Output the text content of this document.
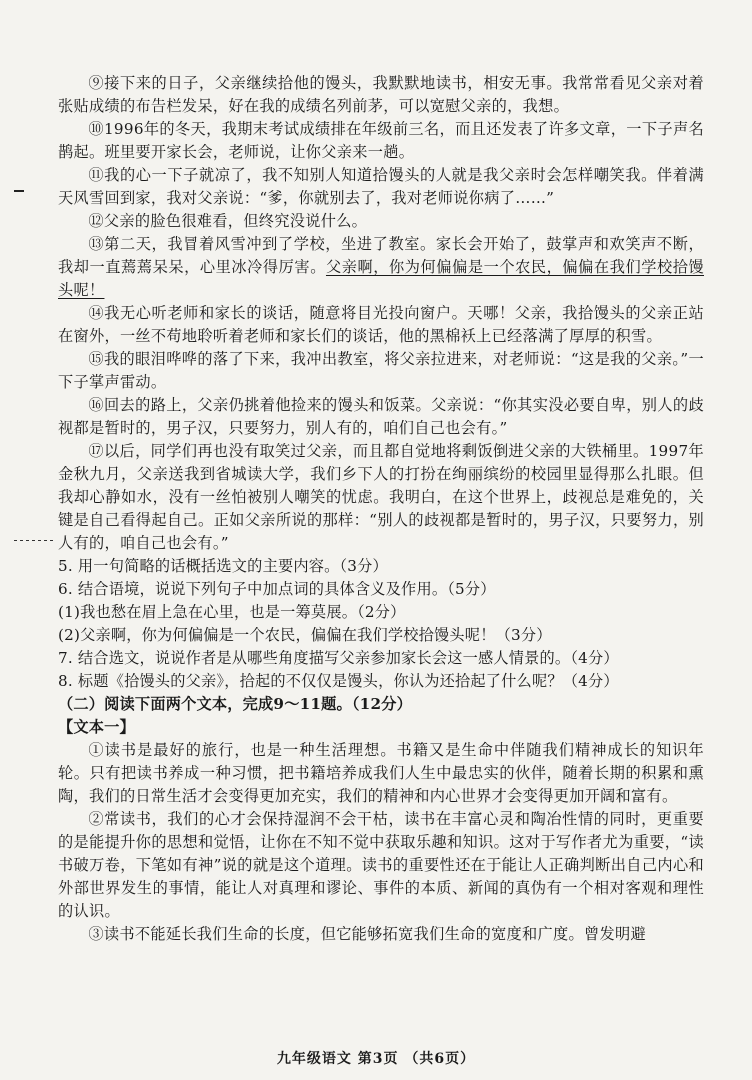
⑨接下来的日子，父亲继续拾他的馒头，我默默地读书，相安无事。我常常看见父亲对着张贴成绩的布告栏发呆，好在我的成绩名列前茅，可以宽慰父亲的，我想。

⑩1996年的冬天，我期末考试成绩排在年级前三名，而且还发表了许多文章，一下子声名鹊起。班里要开家长会，老师说，让你父亲来一趟。

⑪我的心一下子就凉了，我不知别人知道拾馒头的人就是我父亲时会怎样嘲笑我。伴着满天风雪回到家，我对父亲说：“爹，你就别去了，我对老师说你病了……”

⑫父亲的脸色很难看，但终究没说什么。

⑬第二天，我冒着风雪冲到了学校，坐进了教室。家长会开始了，鼓掌声和欢笑声不断，我却一直蔫蔫呆呆，心里冰冷得厉害。父亲啊，你为何偏偏是一个农民，偏偏在我们学校拾馒头呢！

⑭我无心听老师和家长的谈话，随意将目光投向窗户。天哪！父亲，我拾馒头的父亲正站在窗外，一丝不苟地聆听着老师和家长们的谈话，他的黑棉袄上已经落满了厚厚的积雪。

⑮我的眼泪哗哗的落了下来，我冲出教室，将父亲拉进来，对老师说：“这是我的父亲。”一下子掌声雷动。

⑯回去的路上，父亲仍挑着他捡来的馒头和饭菜。父亲说：“你其实没必要自卑，别人的歧视都是暂时的，男子汉，只要努力，别人有的，咱们自己也会有。”

⑰以后，同学们再也没有取笑过父亲，而且都自觉地将剩饭倒进父亲的大铁桶里。1997年金秋九月，父亲送我到省城读大学，我们乡下人的打扮在绚丽缤纷的校园里显得那么扎眼。但我却心静如水，没有一丝怕被别人嘲笑的忧虑。我明白，在这个世界上，歧视总是难免的，关键是自己看得起自己。正如父亲所说的那样：“别人的歧视都是暂时的，男子汉，只要努力，别人有的，咱自己也会有。”

5. 用一句简略的话概括选文的主要内容。（3分）

6. 结合语境，说说下列句子中加点词的具体含义及作用。（5分）

(1)我也愁在眉上急在心里，也是一筹莫展。（2分）

(2)父亲啊，你为何偏偏是一个农民，偏偏在我们学校拾馒头呢！（3分）

7. 结合选文，说说作者是从哪些角度描写父亲参加家长会这一感人情景的。（4分）

8. 标题《拾馒头的父亲》，拾起的不仅仅是馒头，你认为还拾起了什么呢？（4分）

（二）阅读下面两个文本，完成9～11题。（12分）

【文本一】

①读书是最好的旅行，也是一种生活理想。书籍又是生命中伴随我们精神成长的知识年轮。只有把读书养成一种习惯，把书籍培养成我们人生中最忠实的伙伴，随着长期的积累和熏陶，我们的日常生活才会变得更加充实，我们的精神和内心世界才会变得更加开阔和富有。

②常读书，我们的心才会保持湿润不会干枯，读书在丰富心灵和陶冶性情的同时，更重要的是能提升你的思想和觉悟，让你在不知不觉中获取乐趣和知识。这对于写作者尤为重要，“读书破万卷，下笔如有神”说的就是这个道理。读书的重要性还在于能让人正确判断出自己内心和外部世界发生的事情，能让人对真理和谬论、事件的本质、新闻的真伪有一个相对客观和理性的认识。

③读书不能延长我们生命的长度，但它能够拓宽我们生命的宽度和广度。曾发明避

九年级语文 第3页 （共6页）
